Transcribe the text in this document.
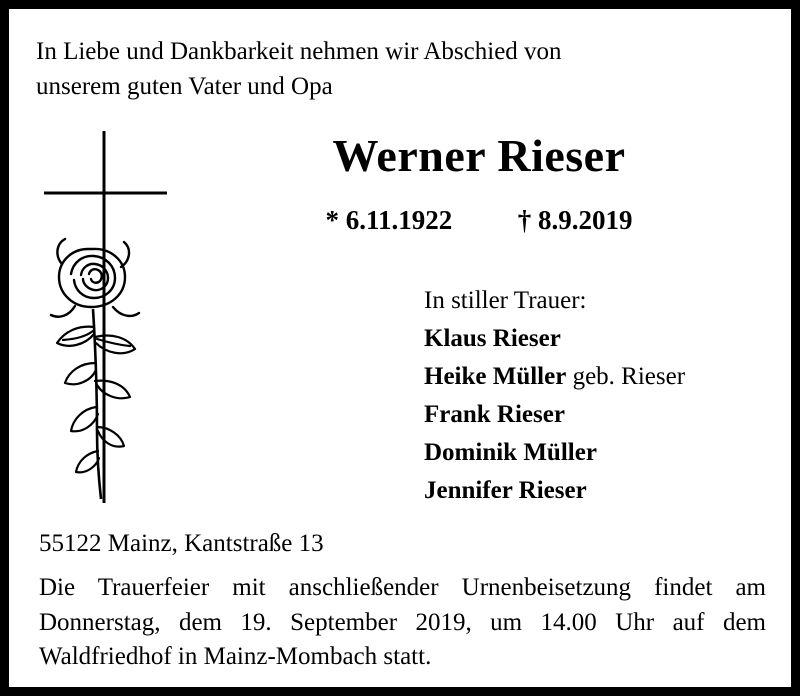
In Liebe und Dankbarkeit nehmen wir Abschied von
unserem guten Vater und Opa
Werner Rieser
* 6.11.1922 † 8.9.2019
In stiller Trauer:
Klaus Rieser
Heike Müller geb. Rieser
Frank Rieser
Dominik Müller
Jennifer Rieser
55122 Mainz, Kantstraße 13
Die Trauerfeier mit anschließender Urnenbeisetzung findet am Donnerstag, dem 19. September 2019, um 14.00 Uhr auf dem Waldfriedhof in Mainz-Mombach statt.
